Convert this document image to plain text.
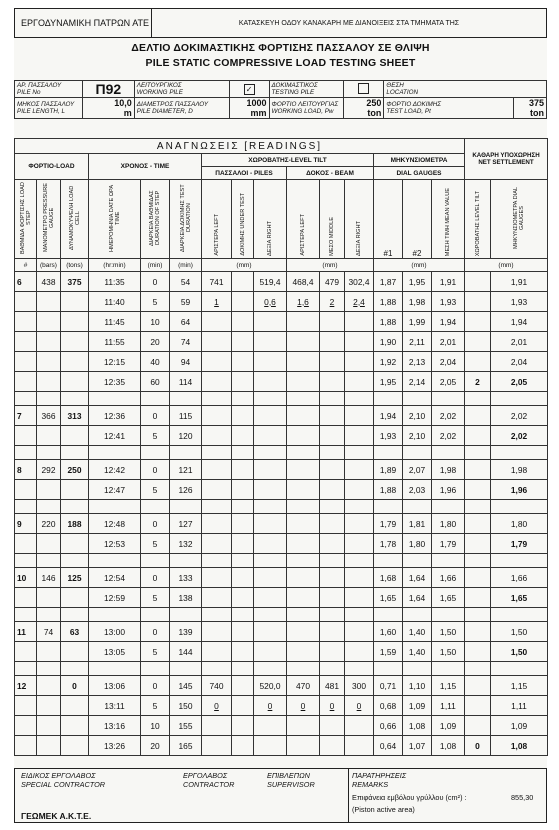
ΕΡΓΟΔΥΝΑΜΙΚΗ ΠΑΤΡΩΝ ΑΤΕ	ΚΑΤΑΣΚΕΥΗ ΟΔΟΥ ΚΑΝΑΚΑΡΗ ΜΕ ΔΙΑΝΟΙΞΕΙΣ ΣΤΑ ΤΜΗΜΑΤΑ ΤΗΣ
ΔΕΛΤΙΟ ΔΟΚΙΜΑΣΤΙΚΗΣ ΦΟΡΤΙΣΗΣ ΠΑΣΣΑΛΟΥ ΣΕ ΘΛΙΨΗ
PILE STATIC COMPRESSIVE LOAD TESTING SHEET
ΑΡ. ΠΑΣΣΑΛΟΥ
PILE No	Π92	ΛΕΙΤΟΥΡΓΙΚΟΣ
WORKING PILE	✓	ΔΟΚΙΜΑΣΤΙΚΟΣ
TESTING PILE		ΘΕΣΗ
LOCATION	

ΜΗΚΟΣ ΠΑΣΣΑΛΟΥ
PILE LENGTH, L	10,0
m	ΔΙΑΜΕΤΡΟΣ ΠΑΣΣΑΛΟΥ
PILE DIAMETER, D	1000
mm	ΦΟΡΤΙΟ ΛΕΙΤΟΥΡΓΙΑΣ
WORKING LOAD, Pw	250
ton	ΦΟΡΤΙΟ ΔΟΚΙΜΗΣ
TEST LOAD, Pt	375
ton
ΑΝΑΓΝΩΣΕΙΣ [READINGS]															ΚΑΘΑΡΗ ΥΠΟΧΩΡΗΣΗ NET SETTLEMENT	
ΦΟΡΤΙΟ-LOAD			ΧΡΟΝΟΣ - TIME			ΧΩΡΟΒΑΤΗΣ-LEVEL TILT						ΜΗΚΥΝΣΙΟΜΕΤΡΑ				
						ΠΑΣΣΑΛΟΙ - PILES			ΔΟΚΟΣ - BEAM			DIAL GAUGES				
ΒΑΘΜΙΔΑ ΦΟΡΤΙΣΗΣ LOAD STEP	ΜΑΝΟΜΕΤΡΟ PRESSURE GAUGE	ΔΥΝΑΜΟΚΥΨΕΛΗ LOAD CELL	ΗΜΕΡΟΜΗΝΙΑ DATE ΩΡΑ TIME	ΔΙΑΡΚΕΙΑ ΒΑΘΜΙΔΑΣ DURATION OF STEP	ΔΙΑΡΚΕΙΑ ΔΟΚΙΜΗΣ TEST DURATION	ΑΡΙΣΤΕΡΑ LEFT	ΔΟΚΙΜΗΣ UNDER TEST	ΔΕΞΙΑ RIGHT	ΑΡΙΣΤΕΡΑ LEFT	ΜΕΣΟ MIDDLE	ΔΕΞΙΑ RIGHT	#1	#2	ΜΕΣΗ ΤΙΜΗ MEAN VALUE	ΧΩΡΟΒΑΤΗΣ LEVEL TILT	ΜΗΚΥΝΣΙΟΜΕΤΡΑ DIAL GAUGES
#	(bars)	(tons)	(hr:min)	(min)	(min)	(mm)			(mm)			(mm)			(mm)	
6	438	375	11:35	0	54	741		519,4	468,4	479	302,4	1,87	1,95	1,91		1,91
			11:40	5	59	1		0,6	1,6	2	2,4	1,88	1,98	1,93		1,93
			11:45	10	64							1,88	1,99	1,94		1,94
			11:55	20	74							1,90	2,11	2,01		2,01
			12:15	40	94							1,92	2,13	2,04		2,04
			12:35	60	114							1,95	2,14	2,05	2	2,05

7	366	313	12:36	0	115							1,94	2,10	2,02		2,02
			12:41	5	120							1,93	2,10	2,02		2,02

8	292	250	12:42	0	121							1,89	2,07	1,98		1,98
			12:47	5	126							1,88	2,03	1,96		1,96

9	220	188	12:48	0	127							1,79	1,81	1,80		1,80
			12:53	5	132							1,78	1,80	1,79		1,79

10	146	125	12:54	0	133							1,68	1,64	1,66		1,66
			12:59	5	138							1,65	1,64	1,65		1,65

11	74	63	13:00	0	139							1,60	1,40	1,50		1,50
			13:05	5	144							1,59	1,40	1,50		1,50

12		0	13:06	0	145	740		520,0	470	481	300	0,71	1,10	1,15		1,15
			13:11	5	150	0		0	0	0	0	0,68	1,09	1,11		1,11
			13:16	10	155							0,66	1,08	1,09		1,09
			13:26	20	165							0,64	1,07	1,08	0	1,08
ΕΙΔΙΚΟΣ ΕΡΓΟΛΑΒΟΣ
SPECIAL CONTRACTOR
ΕΡΓΟΛΑΒΟΣ
CONTRACTOR
ΕΠΙΒΛΕΠΩΝ
SUPERVISOR
ΠΑΡΑΤΗΡΗΣΕΙΣ
REMARKS
Επιφάνεια εμβόλου γρύλλου (cm²) :	855,30
(Piston active area)
ΓΕΩΜΕΚ Α.Κ.Τ.Ε.
